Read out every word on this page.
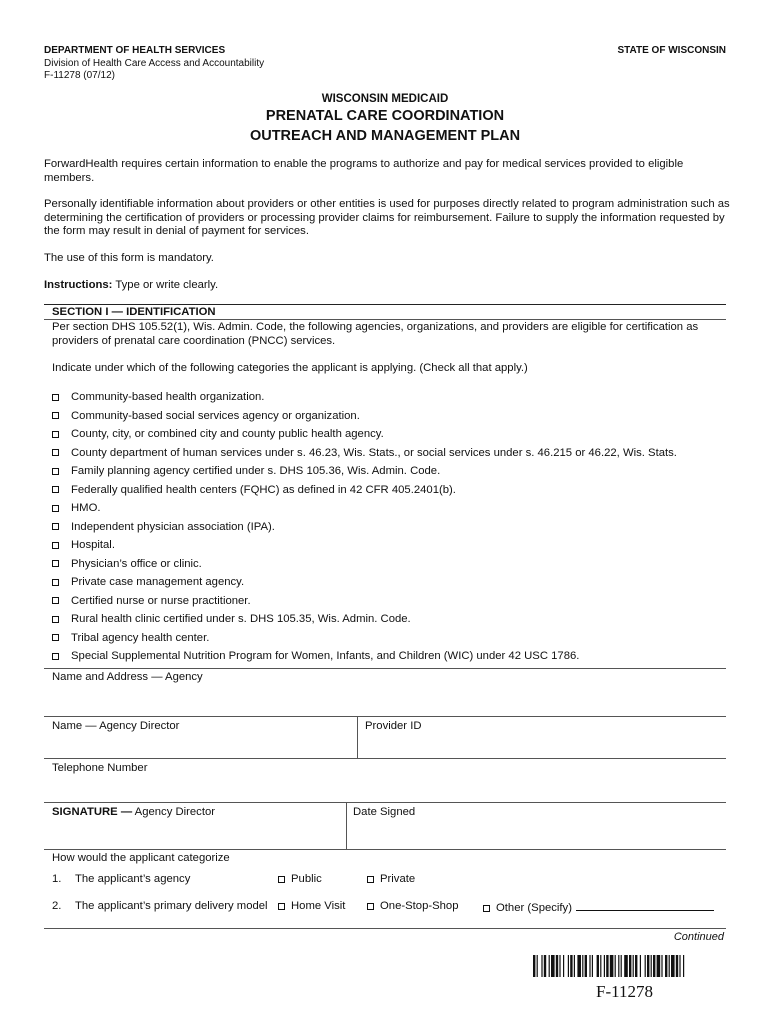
DEPARTMENT OF HEALTH SERVICES
Division of Health Care Access and Accountability
F-11278 (07/12)
STATE OF WISCONSIN
WISCONSIN MEDICAID
PRENATAL CARE COORDINATION
OUTREACH AND MANAGEMENT PLAN
ForwardHealth requires certain information to enable the programs to authorize and pay for medical services provided to eligible members.
Personally identifiable information about providers or other entities is used for purposes directly related to program administration such as determining the certification of providers or processing provider claims for reimbursement. Failure to supply the information requested by the form may result in denial of payment for services.
The use of this form is mandatory.
Instructions: Type or write clearly.
SECTION I — IDENTIFICATION
Per section DHS 105.52(1), Wis. Admin. Code, the following agencies, organizations, and providers are eligible for certification as providers of prenatal care coordination (PNCC) services.
Indicate under which of the following categories the applicant is applying. (Check all that apply.)
Community-based health organization.
Community-based social services agency or organization.
County, city, or combined city and county public health agency.
County department of human services under s. 46.23, Wis. Stats., or social services under s. 46.215 or 46.22, Wis. Stats.
Family planning agency certified under s. DHS 105.36, Wis. Admin. Code.
Federally qualified health centers (FQHC) as defined in 42 CFR 405.2401(b).
HMO.
Independent physician association (IPA).
Hospital.
Physician’s office or clinic.
Private case management agency.
Certified nurse or nurse practitioner.
Rural health clinic certified under s. DHS 105.35, Wis. Admin. Code.
Tribal agency health center.
Special Supplemental Nutrition Program for Women, Infants, and Children (WIC) under 42 USC 1786.
Name and Address — Agency
Name — Agency Director	Provider ID
Telephone Number
SIGNATURE — Agency Director	Date Signed
How would the applicant categorize
1. The applicant’s agency	Public	Private
2. The applicant’s primary delivery model	Home Visit	One-Stop-Shop	Other (Specify)
Continued
F-11278
